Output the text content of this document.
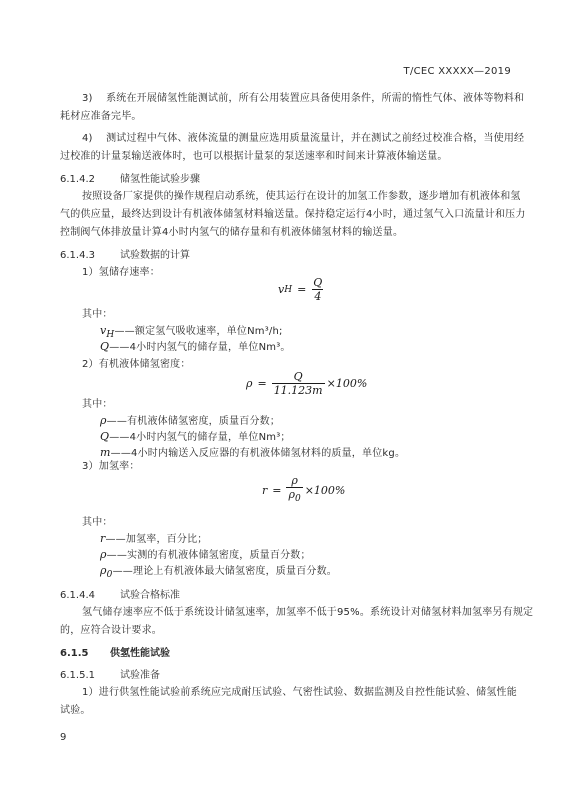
T/CEC XXXXX—2019
3) 系统在开展储氢性能测试前，所有公用装置应具备使用条件，所需的惰性气体、液体等物料和
耗材应准备完毕。
4) 测试过程中气体、液体流量的测量应选用质量流量计，并在测试之前经过校准合格，当使用经
过校准的计量泵输送液体时，也可以根据计量泵的泵送速率和时间来计算液体输送量。
6.1.4.2	储氢性能试验步骤
按照设备厂家提供的操作规程启动系统，使其运行在设计的加氢工作参数，逐步增加有机液体和氢
气的供应量，最终达到设计有机液体储氢材料输送量。保持稳定运行4小时，通过氢气入口流量计和压力
控制阀气体排放量计算4小时内氢气的储存量和有机液体储氢材料的输送量。
6.1.4.3	试验数据的计算
1）氢储存速率：
v $H = \frac{Q}{4}$
其中：
$v_H——$额定氢气吸收速率，单位Nm³/h;
Q——4小时内氢气的储存量，单位Nm³。
2）有机液体储氢密度：
$\rho = \frac{Q}{11.123m} \times 100\%$
其中：
ρ——有机液体储氢密度，质量百分数；
Q——4小时内氢气的储存量，单位Nm³；
m——4小时内输送入反应器的有机液体储氢材料的质量，单位kg。
3）加氢率：
$r = \frac{\rho}{\rho_0} \times 100\%$
其中：
r——加氢率，百分比；
ρ——实测的有机液体储氢密度，质量百分数；
$\rho_0——$理论上有机液体最大储氢密度，质量百分数。
6.1.4.4	试验合格标准
氢气储存速率应不低于系统设计储氢速率，加氢率不低于95%。系统设计对储氢材料加氢率另有规定
的，应符合设计要求。
6.1.5 供氢性能试验
6.1.5.1	试验准备
1）进行供氢性能试验前系统应完成耐压试验、气密性试验、数据监测及自控性能试验、储氢性能
试验。
9
